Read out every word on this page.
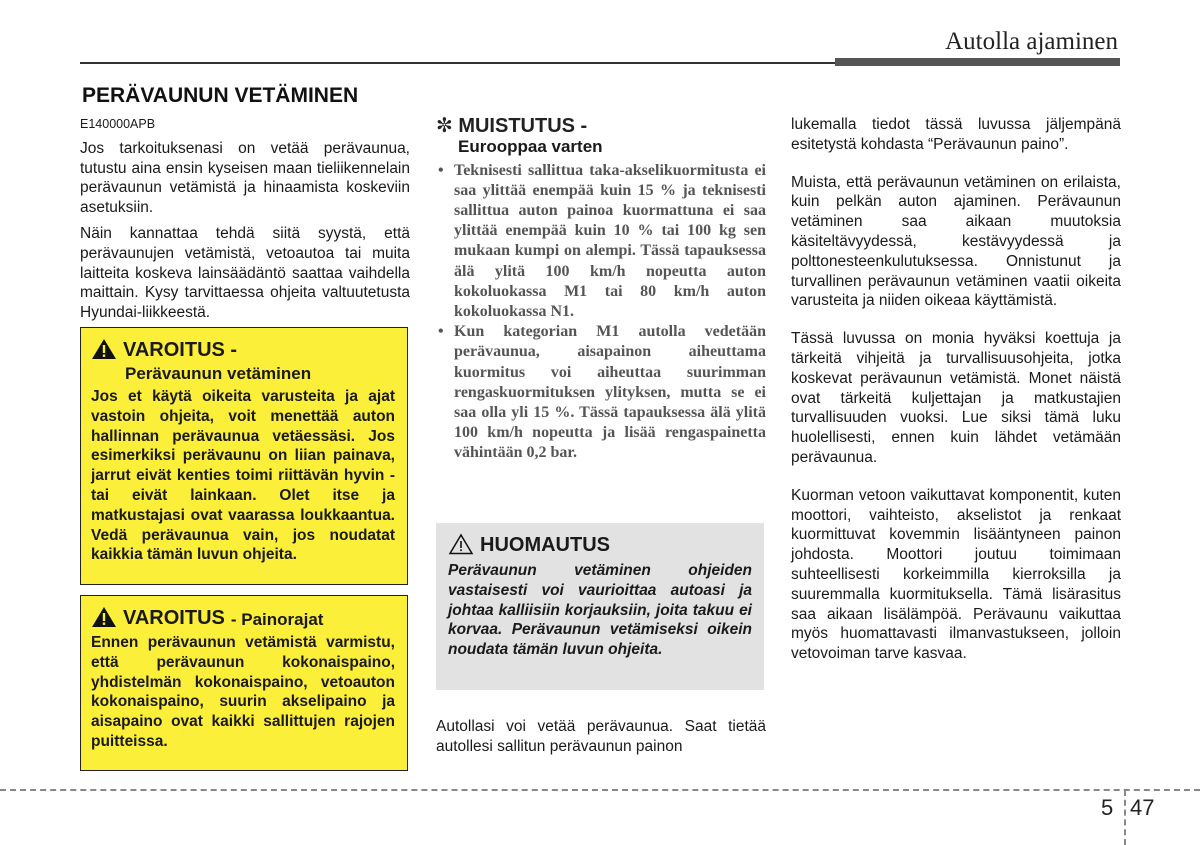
Autolla ajaminen
PERÄVAUNUN VETÄMINEN

E140000APB

Jos tarkoituksenasi on vetää perävaunua, tutustu aina ensin kyseisen maan tieliikennelain perävaunun vetämistä ja hinaamista koskeviin asetuksiin.

Näin kannattaa tehdä siitä syystä, että perävaunujen vetämistä, vetoautoa tai muita laitteita koskeva lainsäädäntö saattaa vaihdella maittain. Kysy tarvittaessa ohjeita valtuutetusta Hyundai-liikkeestä.

VAROITUS -
Perävaunun vetäminen
Jos et käytä oikeita varusteita ja ajat vastoin ohjeita, voit menettää auton hallinnan perävaunua vetäessäsi. Jos esimerkiksi perävaunu on liian painava, jarrut eivät kenties toimi riittävän hyvin - tai eivät lainkaan. Olet itse ja matkustajasi ovat vaarassa loukkaantua. Vedä perävaunua vain, jos noudatat kaikkia tämän luvun ohjeita.
VAROITUS - Painorajat
Ennen perävaunun vetämistä varmistu, että perävaunun kokonaispaino, yhdistelmän kokonaispaino, vetoauton kokonaispaino, suurin akselipaino ja aisapaino ovat kaikki sallittujen rajojen puitteissa.
✼ MUISTUTUS -
Eurooppaa varten
• Teknisesti sallittua taka-akselikuormitusta ei saa ylittää enempää kuin 15 % ja teknisesti sallittua auton painoa kuormattuna ei saa ylittää enempää kuin 10 % tai 100 kg sen mukaan kumpi on alempi. Tässä tapauksessa älä ylitä 100 km/h nopeutta auton kokoluokassa M1 tai 80 km/h auton kokoluokassa N1.
• Kun kategorian M1 autolla vedetään perävaunua, aisapainon aiheuttama kuormitus voi aiheuttaa suurimman rengaskuormituksen ylityksen, mutta se ei saa olla yli 15 %. Tässä tapauksessa älä ylitä 100 km/h nopeutta ja lisää rengaspainetta vähintään 0,2 bar.
HUOMAUTUS
Perävaunun vetäminen ohjeiden vastaisesti voi vaurioittaa autoasi ja johtaa kalliisiin korjauksiin, joita takuu ei korvaa. Perävaunun vetämiseksi oikein noudata tämän luvun ohjeita.

Autollasi voi vetää perävaunua. Saat tietää autollesi sallitun perävaunun painon

lukemalla tiedot tässä luvussa jäljempänä esitetystä kohdasta “Perävaunun paino”.

Muista, että perävaunun vetäminen on erilaista, kuin pelkän auton ajaminen. Perävaunun vetäminen saa aikaan muutoksia käsiteltävyydessä, kestävyydessä ja polttonesteenkulutuksessa. Onnistunut ja turvallinen perävaunun vetäminen vaatii oikeita varusteita ja niiden oikeaa käyttämistä.

Tässä luvussa on monia hyväksi koettuja ja tärkeitä vihjeitä ja turvallisuusohjeita, jotka koskevat perävaunun vetämistä. Monet näistä ovat tärkeitä kuljettajan ja matkustajien turvallisuuden vuoksi. Lue siksi tämä luku huolellisesti, ennen kuin lähdet vetämään perävaunua.

Kuorman vetoon vaikuttavat komponentit, kuten moottori, vaihteisto, akselistot ja renkaat kuormittuvat kovemmin lisääntyneen painon johdosta. Moottori joutuu toimimaan suhteellisesti korkeimmilla kierroksilla ja suuremmalla kuormituksella. Tämä lisärasitus saa aikaan lisälämpöä. Perävaunu vaikuttaa myös huomattavasti ilmanvastukseen, jolloin vetovoiman tarve kasvaa.

5 47
